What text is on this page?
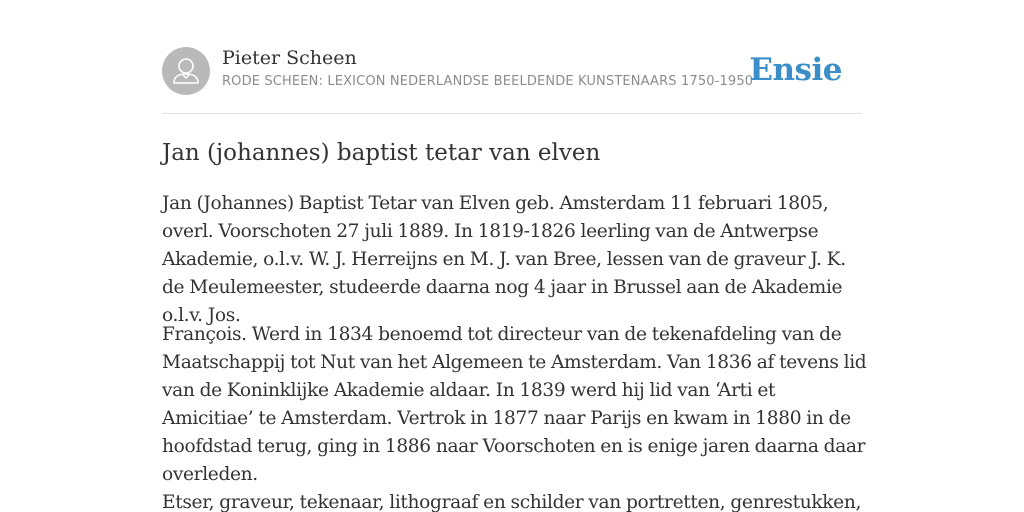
Pieter Scheen
RODE SCHEEN: LEXICON NEDERLANDSE BEELDENDE KUNSTENAARS 1750-1950
Ensie
Jan (johannes) baptist tetar van elven

Jan (Johannes) Baptist Tetar van Elven geb. Amsterdam 11 februari 1805, overl. Voorschoten 27 juli 1889. In 1819-1826 leerling van de Antwerpse Akademie, o.l.v. W. J. Herreijns en M. J. van Bree, lessen van de graveur J. K. de Meulemeester, studeerde daarna nog 4 jaar in Brussel aan de Akademie o.l.v. Jos.

François. Werd in 1834 benoemd tot directeur van de tekenafdeling van de Maatschappij tot Nut van het Algemeen te Amsterdam. Van 1836 af tevens lid van de Koninklijke Akademie aldaar. In 1839 werd hij lid van ‘Arti et Amicitiae’ te Amsterdam. Vertrok in 1877 naar Parijs en kwam in 1880 in de hoofdstad terug, ging in 1886 naar Voorschoten en is enige jaren daarna daar overleden.

Etser, graveur, tekenaar, lithograaf en schilder van portretten, genrestukken,
